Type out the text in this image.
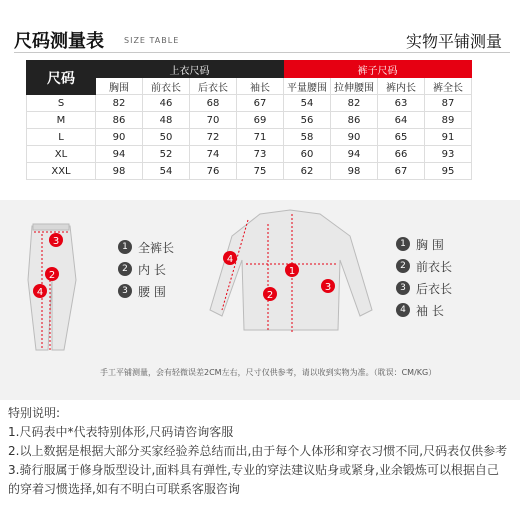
尺码测量表	SIZE TABLE	实物平铺测量
尺码	上衣尺码				裤子尺码			
	胸围	前衣长	后衣长	袖长	平量腰围	拉伸腰围	裤内长	裤全长
S	82	46	68	67	54	82	63	87
M	86	48	70	69	56	86	64	89
L	90	50	72	71	58	90	65	91
XL	94	52	74	73	60	94	66	93
XXL	98	54	76	75	62	98	67	95
3
4
2
4
1
2
3
1 全裤长
2 内 长
3 腰 围
1 胸 围
2 前衣长
3 后衣长
4 袖 长
手工平铺测量，会有轻微误差2CM左右，尺寸仅供参考，请以收到实物为准。（耽误：CM/KG）
特别说明:
1.尺码表中*代表特别体形,尺码请咨询客服
2.以上数据是根据大部分买家经验养总结而出,由于每个人体形和穿衣习惯不同,尺码表仅供参考
3.骑行服属于修身版型设计,面料具有弹性,专业的穿法建议贴身或紧身,业余锻炼可以根据自己
的穿着习惯选择,如有不明白可联系客服咨询
